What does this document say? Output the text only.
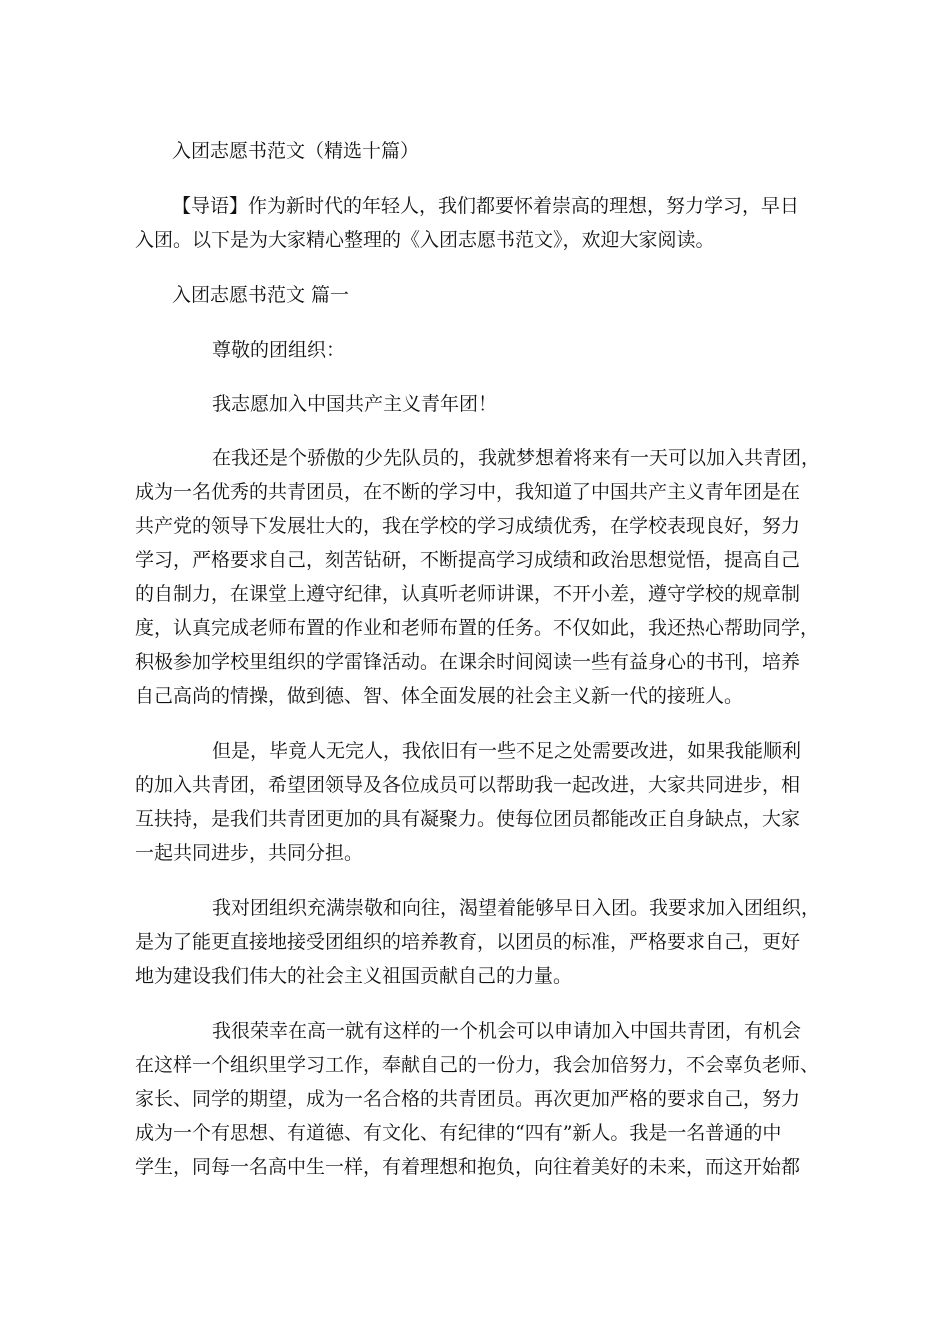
入团志愿书范文（精选十篇）
【导语】作为新时代的年轻人，我们都要怀着崇高的理想，努力学习，早日
入团。以下是为大家精心整理的《入团志愿书范文》，欢迎大家阅读。
入团志愿书范文 篇一
尊敬的团组织：
我志愿加入中国共产主义青年团！
在我还是个骄傲的少先队员的，我就梦想着将来有一天可以加入共青团，
成为一名优秀的共青团员，在不断的学习中，我知道了中国共产主义青年团是在
共产党的领导下发展壮大的，我在学校的学习成绩优秀，在学校表现良好，努力
学习，严格要求自己，刻苦钻研，不断提高学习成绩和政治思想觉悟，提高自己
的自制力，在课堂上遵守纪律，认真听老师讲课，不开小差，遵守学校的规章制
度，认真完成老师布置的作业和老师布置的任务。不仅如此，我还热心帮助同学，
积极参加学校里组织的学雷锋活动。在课余时间阅读一些有益身心的书刊，培养
自己高尚的情操，做到德、智、体全面发展的社会主义新一代的接班人。
但是，毕竟人无完人，我依旧有一些不足之处需要改进，如果我能顺利
的加入共青团，希望团领导及各位成员可以帮助我一起改进，大家共同进步，相
互扶持，是我们共青团更加的具有凝聚力。使每位团员都能改正自身缺点，大家
一起共同进步，共同分担。
我对团组织充满崇敬和向往，渴望着能够早日入团。我要求加入团组织，
是为了能更直接地接受团组织的培养教育，以团员的标准，严格要求自己，更好
地为建设我们伟大的社会主义祖国贡献自己的力量。
我很荣幸在高一就有这样的一个机会可以申请加入中国共青团，有机会
在这样一个组织里学习工作，奉献自己的一份力，我会加倍努力，不会辜负老师、
家长、同学的期望，成为一名合格的共青团员。再次更加严格的要求自己，努力
成为一个有思想、有道德、有文化、有纪律的“四有”新人。我是一名普通的中
学生，同每一名高中生一样，有着理想和抱负，向往着美好的未来，而这开始都
